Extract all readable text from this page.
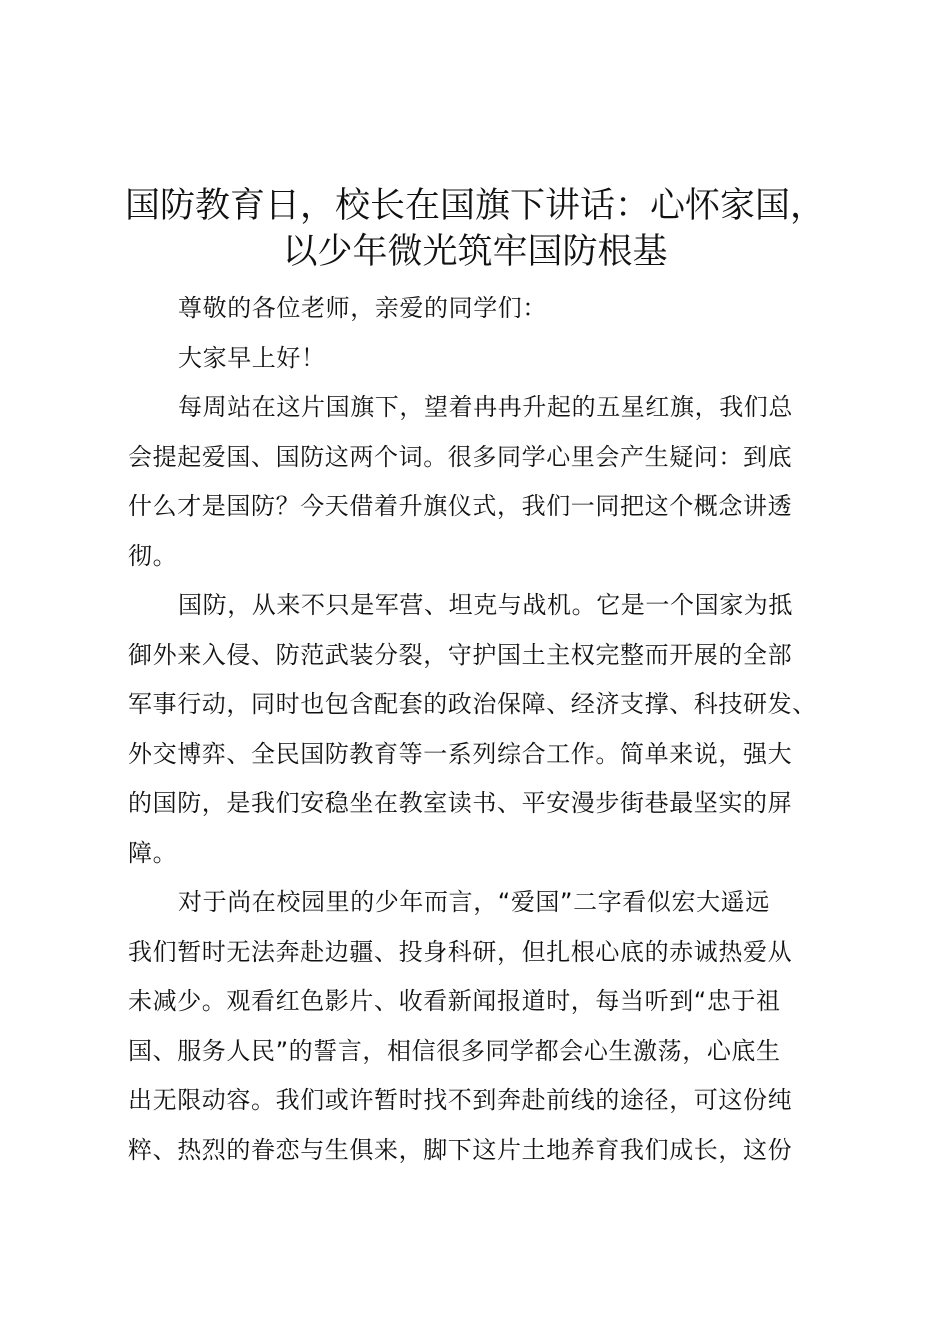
国防教育日，校长在国旗下讲话：心怀家国，
以少年微光筑牢国防根基

尊敬的各位老师，亲爱的同学们：

大家早上好！

每周站在这片国旗下，望着冉冉升起的五星红旗，我们总
会提起爱国、国防这两个词。很多同学心里会产生疑问：到底
什么才是国防？今天借着升旗仪式，我们一同把这个概念讲透
彻。

国防，从来不只是军营、坦克与战机。它是一个国家为抵
御外来入侵、防范武装分裂，守护国土主权完整而开展的全部
军事行动，同时也包含配套的政治保障、经济支撑、科技研发、
外交博弈、全民国防教育等一系列综合工作。简单来说，强大
的国防，是我们安稳坐在教室读书、平安漫步街巷最坚实的屏
障。

对于尚在校园里的少年而言，“爱国”二字看似宏大遥远
我们暂时无法奔赴边疆、投身科研，但扎根心底的赤诚热爱从
未减少。观看红色影片、收看新闻报道时，每当听到“忠于祖
国、服务人民”的誓言，相信很多同学都会心生激荡，心底生
出无限动容。我们或许暂时找不到奔赴前线的途径，可这份纯
粹、热烈的眷恋与生俱来，脚下这片土地养育我们成长，这份
